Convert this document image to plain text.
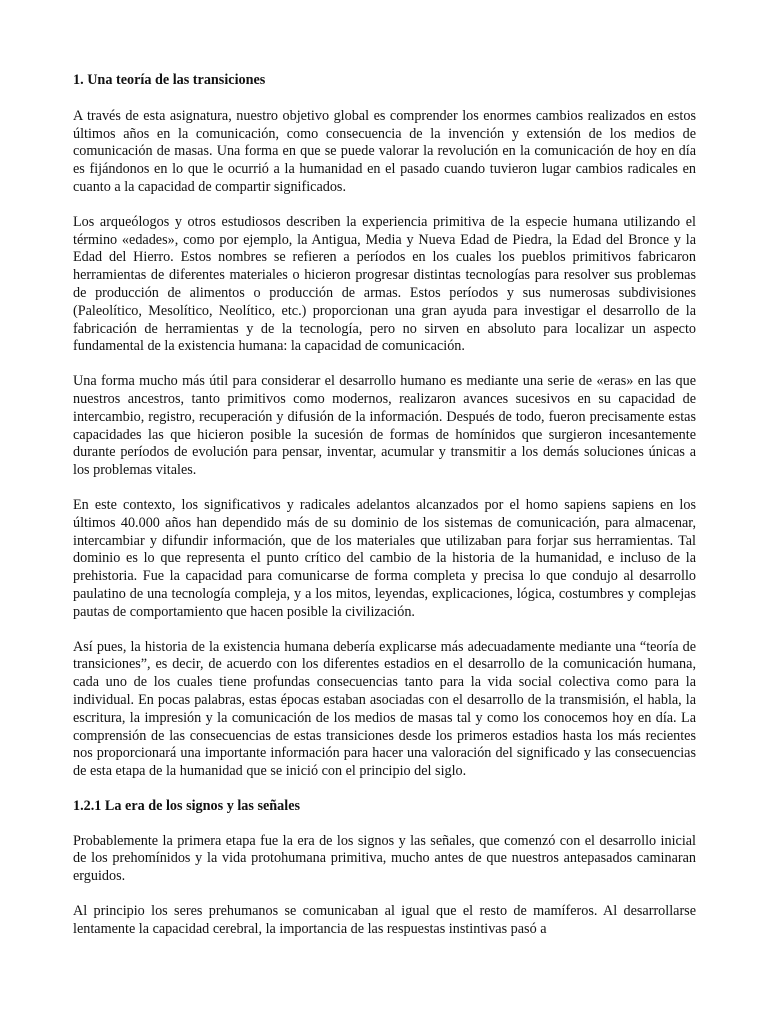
1. Una teoría de las transiciones

A través de esta asignatura, nuestro objetivo global es comprender los enormes cambios realizados en estos últimos años en la comunicación, como consecuencia de la invención y extensión de los medios de comunicación de masas. Una forma en que se puede valorar la revolución en la comunicación de hoy en día es fijándonos en lo que le ocurrió a la humanidad en el pasado cuando tuvieron lugar cambios radicales en cuanto a la capacidad de compartir significados.

Los arqueólogos y otros estudiosos describen la experiencia primitiva de la especie humana utilizando el término «edades», como por ejemplo, la Antigua, Media y Nueva Edad de Piedra, la Edad del Bronce y la Edad del Hierro. Estos nombres se refieren a períodos en los cuales los pueblos primitivos fabricaron herramientas de diferentes materiales o hicieron progresar distintas tecnologías para resolver sus problemas de producción de alimentos o producción de armas. Estos períodos y sus numerosas subdivisiones (Paleolítico, Mesolítico, Neolítico, etc.) proporcionan una gran ayuda para investigar el desarrollo de la fabricación de herramientas y de la tecnología, pero no sirven en absoluto para localizar un aspecto fundamental de la existencia humana: la capacidad de comunicación.

Una forma mucho más útil para considerar el desarrollo humano es mediante una serie de «eras» en las que nuestros ancestros, tanto primitivos como modernos, realizaron avances sucesivos en su capacidad de intercambio, registro, recuperación y difusión de la información. Después de todo, fueron precisamente estas capacidades las que hicieron posible la sucesión de formas de homínidos que surgieron incesantemente durante períodos de evolución para pensar, inventar, acumular y transmitir a los demás soluciones únicas a los problemas vitales.

En este contexto, los significativos y radicales adelantos alcanzados por el homo sapiens sapiens en los últimos 40.000 años han dependido más de su dominio de los sistemas de comunicación, para almacenar, intercambiar y difundir información, que de los materiales que utilizaban para forjar sus herramientas. Tal dominio es lo que representa el punto crítico del cambio de la historia de la humanidad, e incluso de la prehistoria. Fue la capacidad para comunicarse de forma completa y precisa lo que condujo al desarrollo paulatino de una tecnología compleja, y a los mitos, leyendas, explicaciones, lógica, costumbres y complejas pautas de comportamiento que hacen posible la civilización.

Así pues, la historia de la existencia humana debería explicarse más adecuadamente mediante una “teoría de transiciones”, es decir, de acuerdo con los diferentes estadios en el desarrollo de la comunicación humana, cada uno de los cuales tiene profundas consecuencias tanto para la vida social colectiva como para la individual. En pocas palabras, estas épocas estaban asociadas con el desarrollo de la transmisión, el habla, la escritura, la impresión y la comunicación de los medios de masas tal y como los conocemos hoy en día. La comprensión de las consecuencias de estas transiciones desde los primeros estadios hasta los más recientes nos proporcionará una importante información para hacer una valoración del significado y las consecuencias de esta etapa de la humanidad que se inició con el principio del siglo.

1.2.1 La era de los signos y las señales

Probablemente la primera etapa fue la era de los signos y las señales, que comenzó con el desarrollo inicial de los prehomínidos y la vida protohumana primitiva, mucho antes de que nuestros antepasados caminaran erguidos.

Al principio los seres prehumanos se comunicaban al igual que el resto de mamíferos. Al desarrollarse lentamente la capacidad cerebral, la importancia de las respuestas instintivas pasó a
